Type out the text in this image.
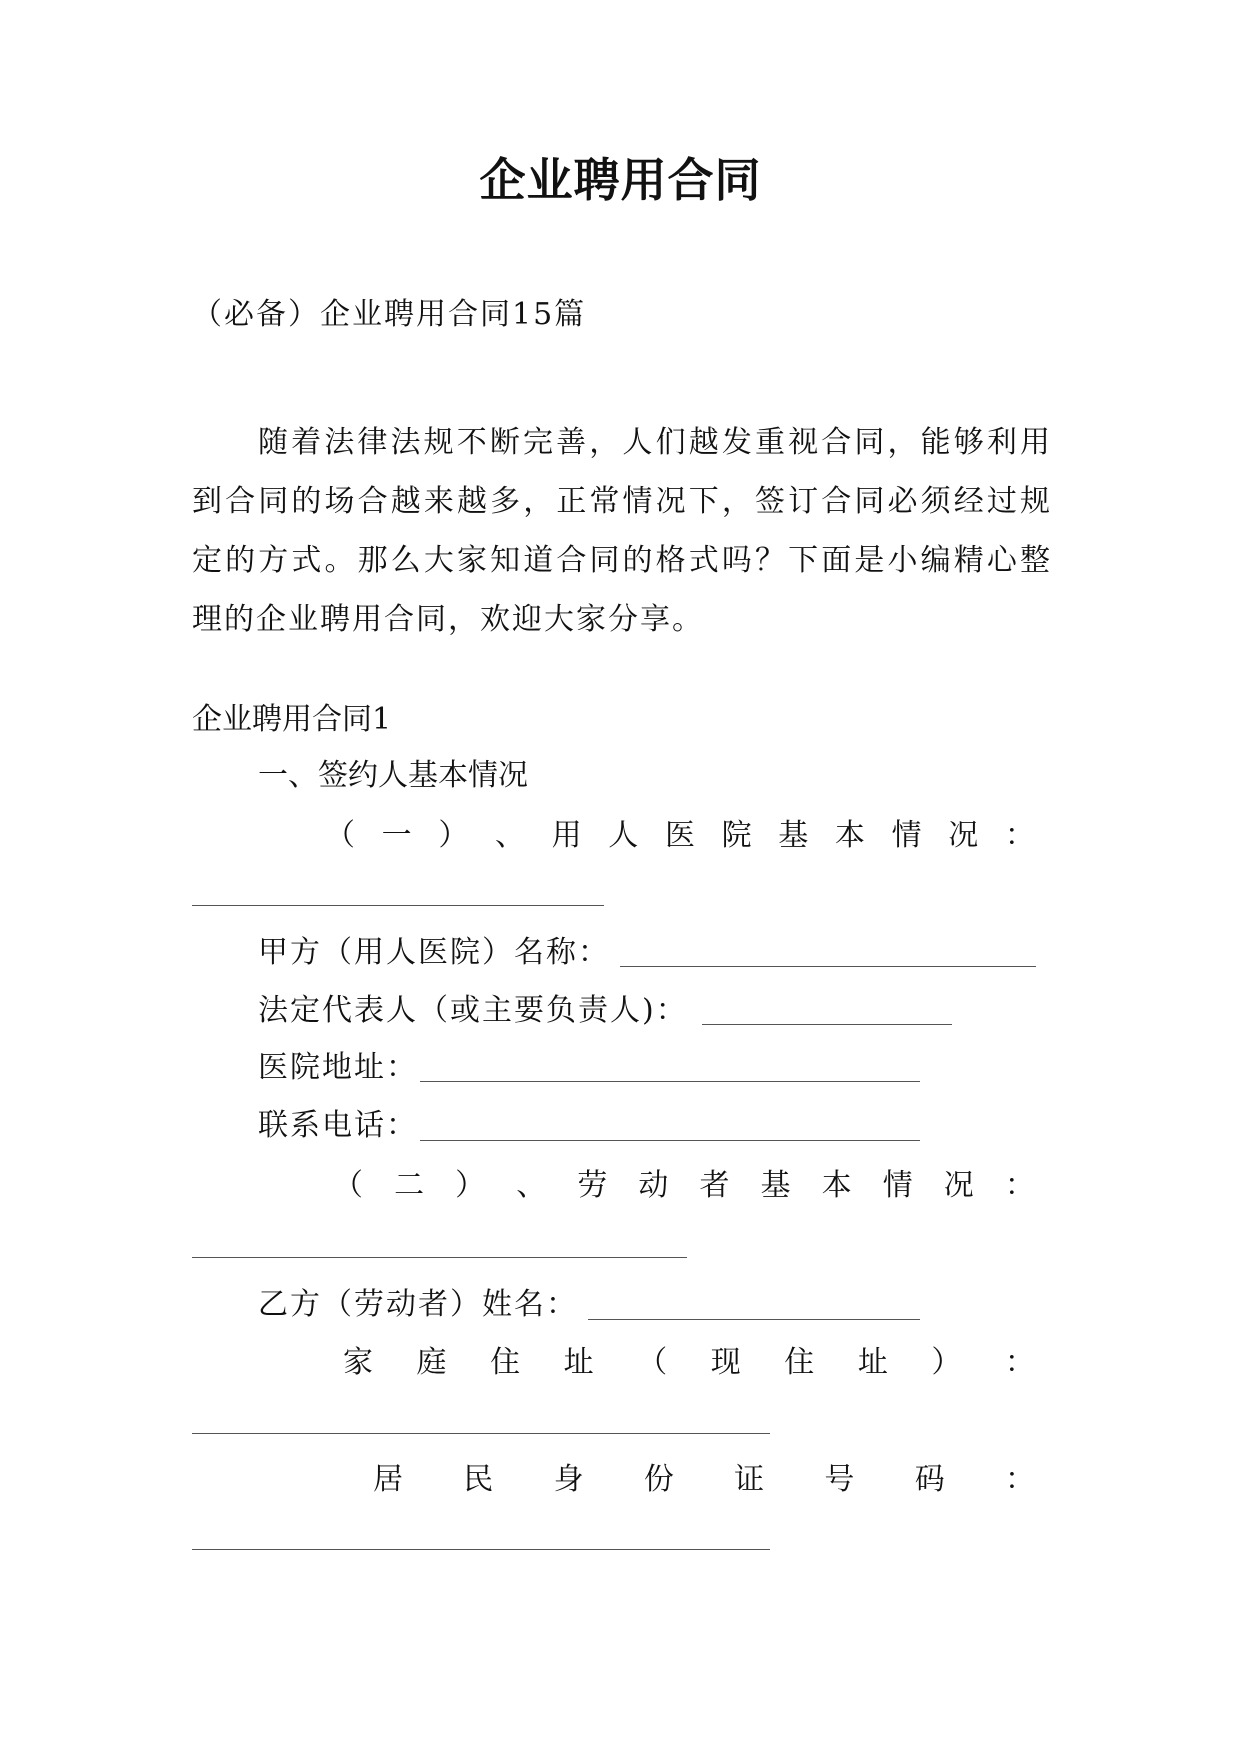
企业聘用合同
（必备）企业聘用合同15篇
随着法律法规不断完善，人们越发重视合同，能够利用到合同的场合越来越多，正常情况下，签订合同必须经过规定的方式。那么大家知道合同的格式吗？下面是小编精心整理的企业聘用合同，欢迎大家分享。
企业聘用合同1
一、签约人基本情况
（ 一 ） 、 用 人 医 院 基 本 情 况 ：
甲方（用人医院）名称：
法定代表人（或主要负责人)：
医院地址：
联系电话：
（ 二 ） 、 劳 动 者 基 本 情 况 ：
乙方（劳动者）姓名：
家 庭 住 址 （ 现 住 址 ） ：
居 民 身 份 证 号 码 ：
